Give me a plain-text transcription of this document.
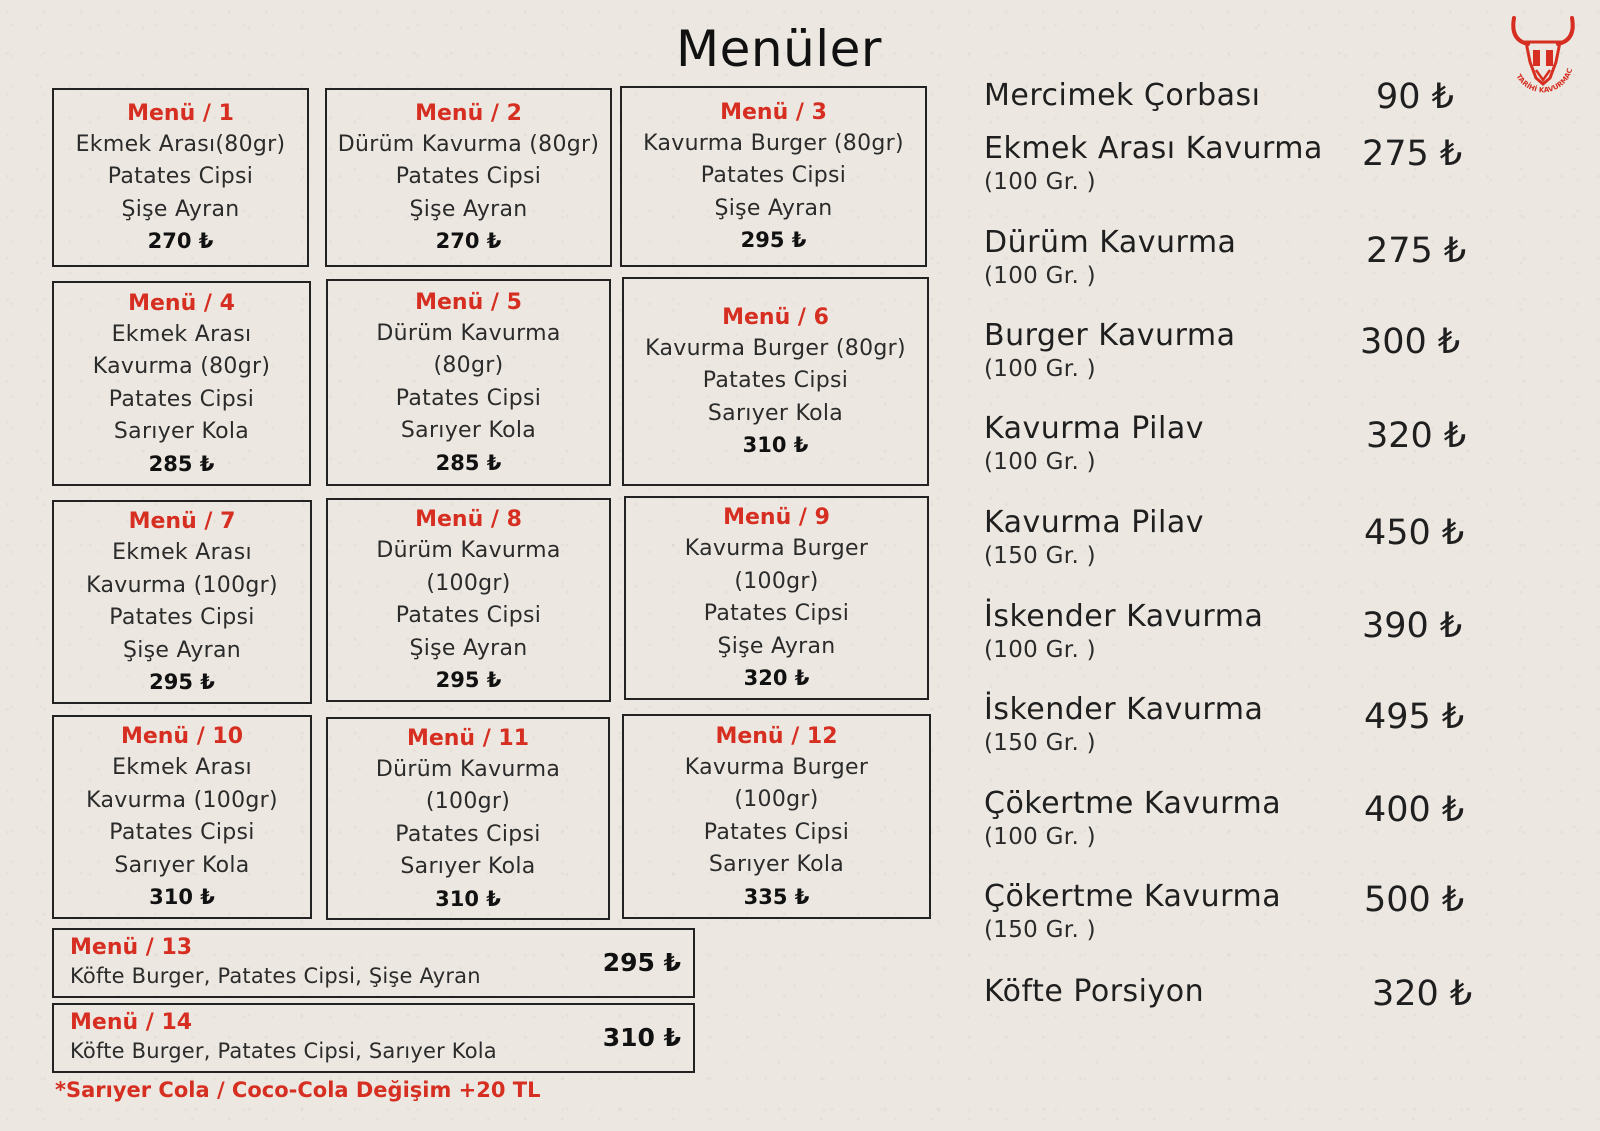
Menüler	TARİHİ KAVURMAC
Menü / 1
Ekmek Arası(80gr)
Patates Cipsi
Şişe Ayran
270 ₺
Menü / 2
Dürüm Kavurma (80gr)
Patates Cipsi
Şişe Ayran
270 ₺
Menü / 3
Kavurma Burger (80gr)
Patates Cipsi
Şişe Ayran
295 ₺
Menü / 4
Ekmek Arası
Kavurma (80gr)
Patates Cipsi
Sarıyer Kola
285 ₺
Menü / 5
Dürüm Kavurma
(80gr)
Patates Cipsi
Sarıyer Kola
285 ₺
Menü / 6
Kavurma Burger (80gr)
Patates Cipsi
Sarıyer Kola
310 ₺
Menü / 7
Ekmek Arası
Kavurma (100gr)
Patates Cipsi
Şişe Ayran
295 ₺
Menü / 8
Dürüm Kavurma
(100gr)
Patates Cipsi
Şişe Ayran
295 ₺
Menü / 9
Kavurma Burger
(100gr)
Patates Cipsi
Şişe Ayran
320 ₺
Menü / 10
Ekmek Arası
Kavurma (100gr)
Patates Cipsi
Sarıyer Kola
310 ₺
Menü / 11
Dürüm Kavurma
(100gr)
Patates Cipsi
Sarıyer Kola
310 ₺
Menü / 12
Kavurma Burger
(100gr)
Patates Cipsi
Sarıyer Kola
335 ₺
Menü / 13
Köfte Burger, Patates Cipsi, Şişe Ayran	295 ₺
Menü / 14
Köfte Burger, Patates Cipsi, Sarıyer Kola	310 ₺
*Sarıyer Cola / Coco-Cola Değişim +20 TL
Mercimek Çorbası	90 ₺
Ekmek Arası Kavurma
(100 Gr. )
275 ₺
Dürüm Kavurma
(100 Gr. )
275 ₺
Burger Kavurma
(100 Gr. )
300 ₺
Kavurma Pilav
(100 Gr. )
320 ₺
Kavurma Pilav
(150 Gr. )
450 ₺
İskender Kavurma
(100 Gr. )
390 ₺
İskender Kavurma
(150 Gr. )
495 ₺
Çökertme Kavurma
(100 Gr. )
400 ₺
Çökertme Kavurma
(150 Gr. )
500 ₺
Köfte Porsiyon	320 ₺
